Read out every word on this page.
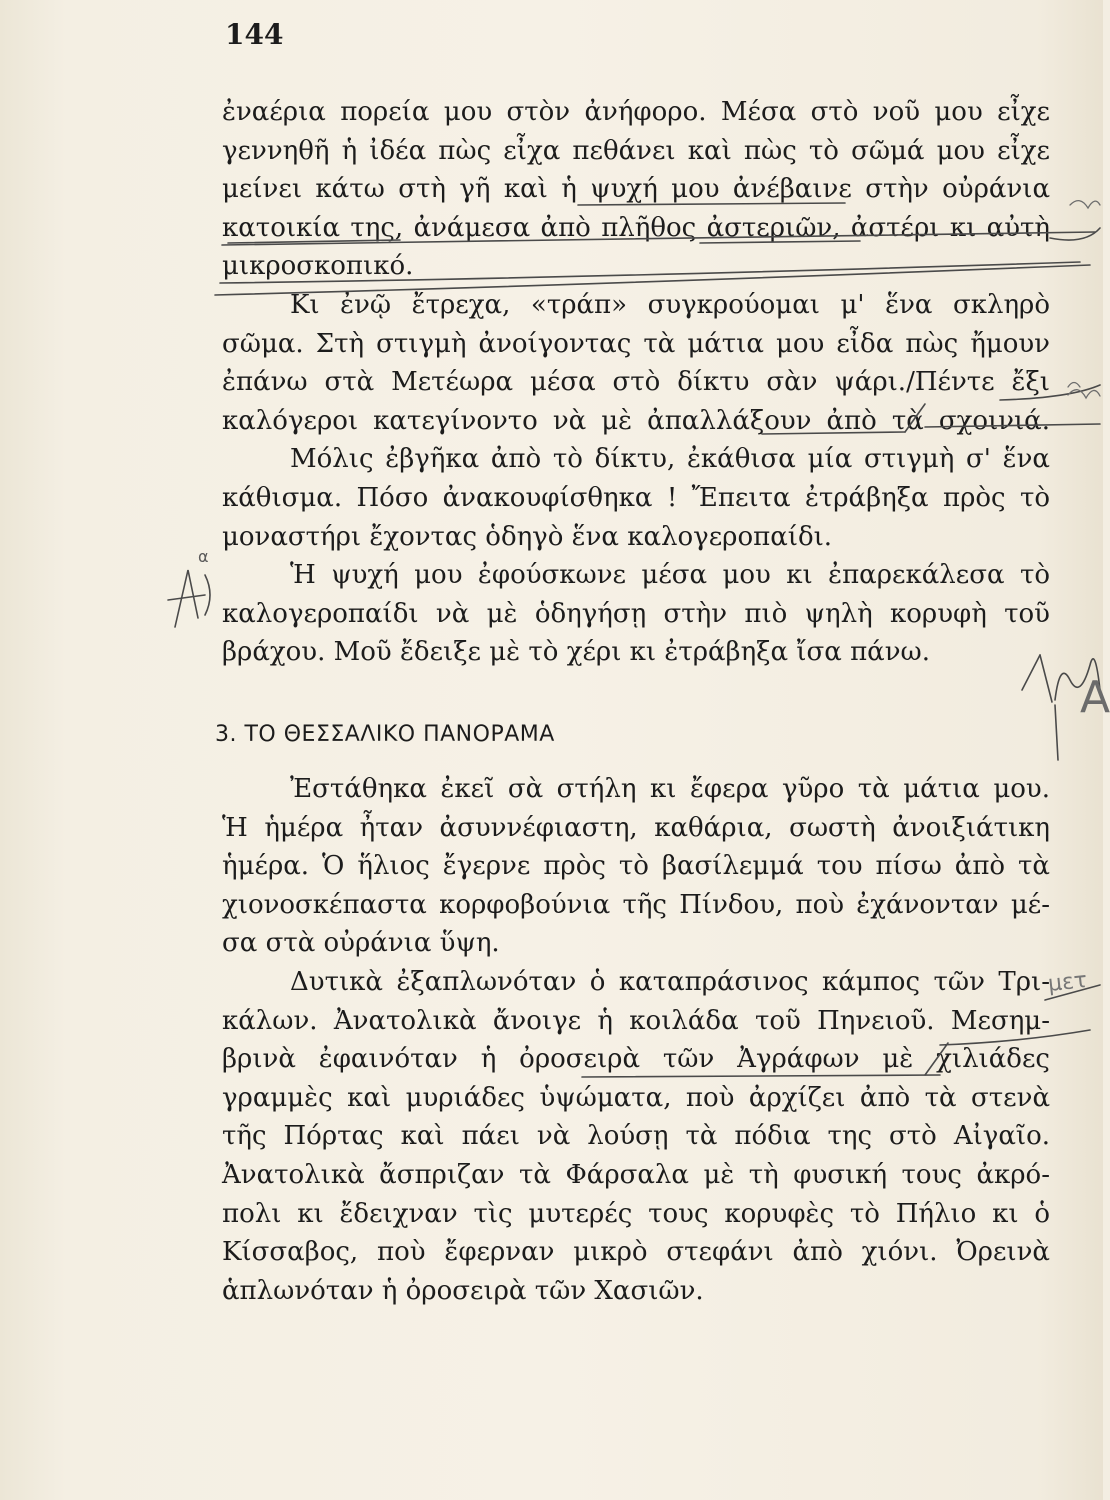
144
ἐναέρια πορεία μου στὸν ἀνήφορο. Μέσα στὸ νοῦ μου εἶχε
γεννηθῆ ἡ ἰδέα πὼς εἶχα πεθάνει καὶ πὼς τὸ σῶμά μου εἶχε
μείνει κάτω στὴ γῆ καὶ ἡ ψυχή μου ἀνέβαινε στὴν οὐράνια
κατοικία της, ἀνάμεσα ἀπὸ πλῆθος ἀστεριῶν, ἀστέρι κι αὐτὴ
μικροσκοπικό.
Κι ἐνῷ ἔτρεχα, «τράπ» συγκρούομαι μ' ἕνα σκληρὸ
σῶμα. Στὴ στιγμὴ ἀνοίγοντας τὰ μάτια μου εἶδα πὼς ἤμουν
ἐπάνω στὰ Μετέωρα μέσα στὸ δίκτυ σὰν ψάρι./Πέντε ἔξι
καλόγεροι κατεγίνοντο νὰ μὲ ἀπαλλάξουν ἀπὸ τὰ σχοινιά.
Μόλις ἐβγῆκα ἀπὸ τὸ δίκτυ, ἐκάθισα μία στιγμὴ σ' ἕνα
κάθισμα. Πόσο ἀνακουφίσθηκα ! Ἔπειτα ἐτράβηξα πρὸς τὸ
μοναστήρι ἔχοντας ὁδηγὸ ἕνα καλογεροπαίδι.
Ἡ ψυχή μου ἐφούσκωνε μέσα μου κι ἐπαρεκάλεσα τὸ
καλογεροπαίδι νὰ μὲ ὁδηγήσῃ στὴν πιὸ ψηλὴ κορυφὴ τοῦ
βράχου. Μοῦ ἔδειξε μὲ τὸ χέρι κι ἐτράβηξα ἴσα πάνω.
3. ΤΟ ΘΕΣΣΑΛΙΚΟ ΠΑΝΟΡΑΜΑ
Ἐστάθηκα ἐκεῖ σὰ στήλη κι ἔφερα γῦρο τὰ μάτια μου.
Ἡ ἡμέρα ἦταν ἀσυννέφιαστη, καθάρια, σωστὴ ἀνοιξιάτικη
ἡμέρα. Ὁ ἥλιος ἔγερνε πρὸς τὸ βασίλεμμά του πίσω ἀπὸ τὰ
χιονοσκέπαστα κορφοβούνια τῆς Πίνδου, ποὺ ἐχάνονταν μέ-
σα στὰ οὐράνια ὕψη.
Δυτικὰ ἐξαπλωνόταν ὁ καταπράσινος κάμπος τῶν Τρι-
κάλων. Ἀνατολικὰ ἄνοιγε ἡ κοιλάδα τοῦ Πηνειοῦ. Μεσημ-
βρινὰ ἐφαινόταν ἡ ὀροσειρὰ τῶν Ἀγράφων μὲ χιλιάδες
γραμμὲς καὶ μυριάδες ὑψώματα, ποὺ ἀρχίζει ἀπὸ τὰ στενὰ
τῆς Πόρτας καὶ πάει νὰ λούσῃ τὰ πόδια της στὸ Αἰγαῖο.
Ἀνατολικὰ ἄσπριζαν τὰ Φάρσαλα μὲ τὴ φυσική τους ἀκρό-
πολι κι ἔδειχναν τὶς μυτερές τους κορυφὲς τὸ Πήλιο κι ὁ
Κίσσαβος, ποὺ ἔφερναν μικρὸ στεφάνι ἀπὸ χιόνι. Ὀρεινὰ
ἁπλωνόταν ἡ ὀροσειρὰ τῶν Χασιῶν.
Α
α
μετ
